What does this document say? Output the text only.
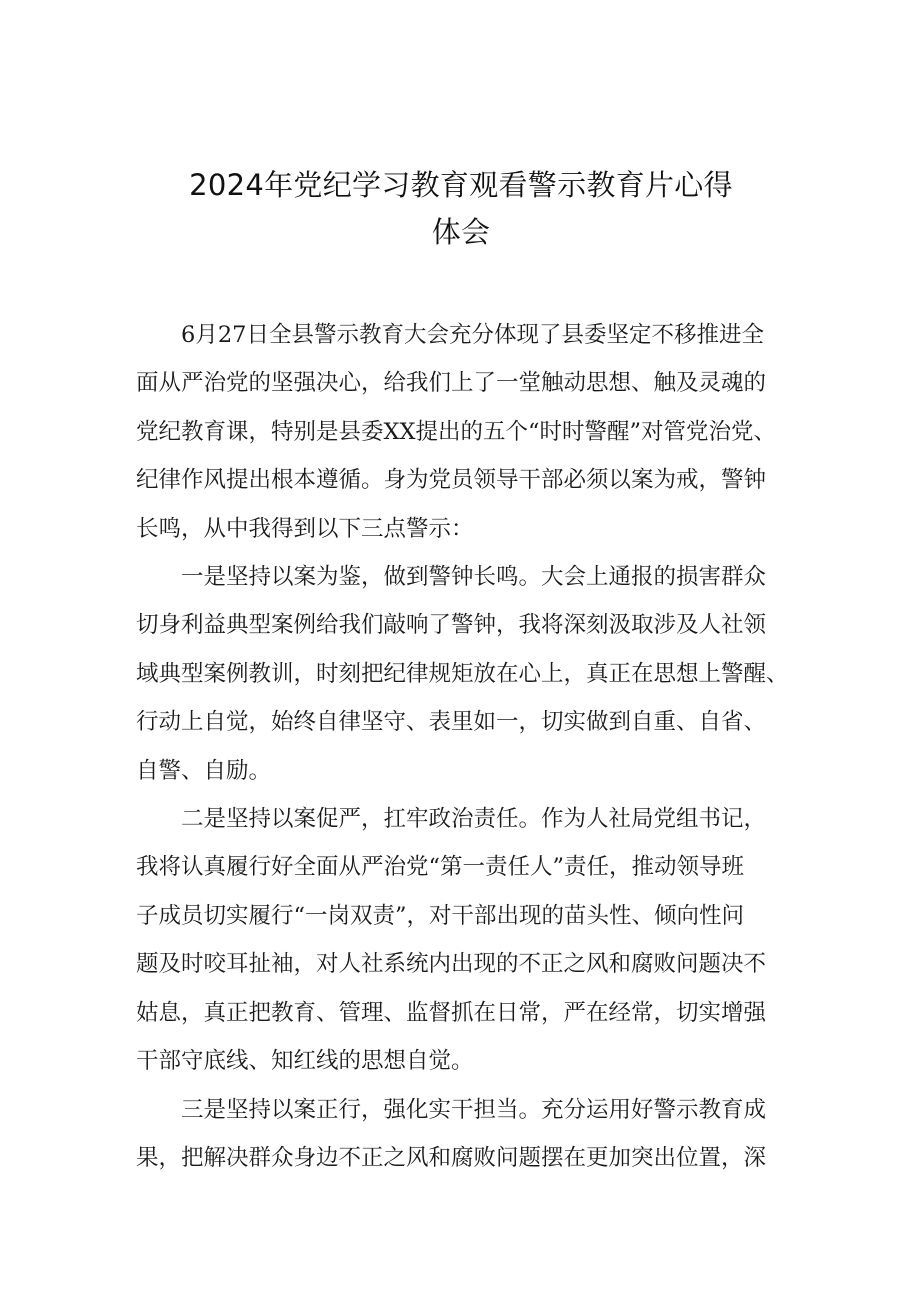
2024年党纪学习教育观看警示教育片心得
体会

6月27日全县警示教育大会充分体现了县委坚定不移推进全
面从严治党的坚强决心，给我们上了一堂触动思想、触及灵魂的
党纪教育课，特别是县委XX提出的五个“时时警醒”对管党治党、
纪律作风提出根本遵循。身为党员领导干部必须以案为戒，警钟
长鸣，从中我得到以下三点警示：

一是坚持以案为鉴，做到警钟长鸣。大会上通报的损害群众
切身利益典型案例给我们敲响了警钟，我将深刻汲取涉及人社领
域典型案例教训，时刻把纪律规矩放在心上，真正在思想上警醒、
行动上自觉，始终自律坚守、表里如一，切实做到自重、自省、
自警、自励。

二是坚持以案促严，扛牢政治责任。作为人社局党组书记，
我将认真履行好全面从严治党“第一责任人”责任，推动领导班
子成员切实履行“一岗双责”，对干部出现的苗头性、倾向性问
题及时咬耳扯袖，对人社系统内出现的不正之风和腐败问题决不
姑息，真正把教育、管理、监督抓在日常，严在经常，切实增强
干部守底线、知红线的思想自觉。

三是坚持以案正行，强化实干担当。充分运用好警示教育成
果，把解决群众身边不正之风和腐败问题摆在更加突出位置，深
